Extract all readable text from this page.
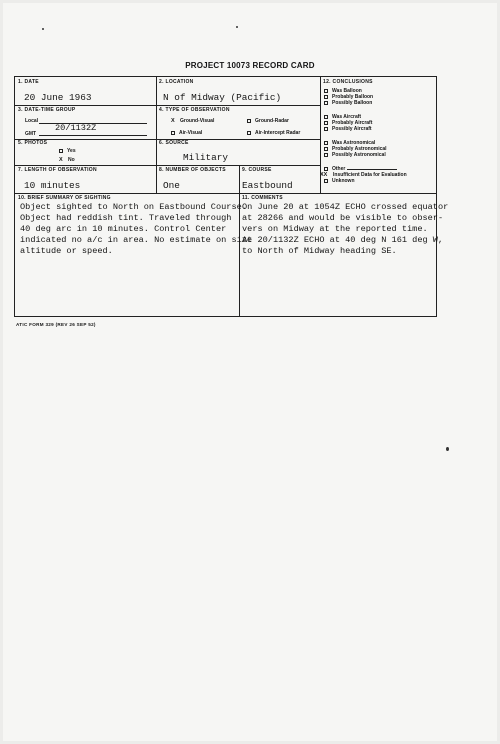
PROJECT 10073 RECORD CARD
1. DATE
20 June 1963
2. LOCATION
N of Midway (Pacific)
3. DATE-TIME GROUP
Local
GMT
20/1132Z
4. TYPE OF OBSERVATION
X Ground-Visual	Ground-Radar
Air-Visual	Air-Intercept Radar
5. PHOTOS
Yes
X No
6. SOURCE
Military
7. LENGTH OF OBSERVATION
10 minutes
8. NUMBER OF OBJECTS
One
9. COURSE
Eastbound
12. CONCLUSIONS
Was Balloon
Probably Balloon
Possibly Balloon
Was Aircraft
Probably Aircraft
Possibly Aircraft
Was Astronomical
Probably Astronomical
Possibly Astronomical
Other
XX Insufficient Data for Evaluation
Unknown
10. BRIEF SUMMARY OF SIGHTING
Object sighted to North on Eastbound Course.
Object had reddish tint. Traveled through
40 deg arc in 10 minutes. Control Center
indicated no a/c in area. No estimate on size
altitude or speed.
11. COMMENTS
On June 20 at 1054Z ECHO crossed equator
at 28266 and would be visible to obser-
vers on Midway at the reported time.
At 20/1132Z ECHO at 40 deg N 161 deg W,
to North of Midway heading SE.
ATIC FORM 329 (REV 26 SEP 52)
